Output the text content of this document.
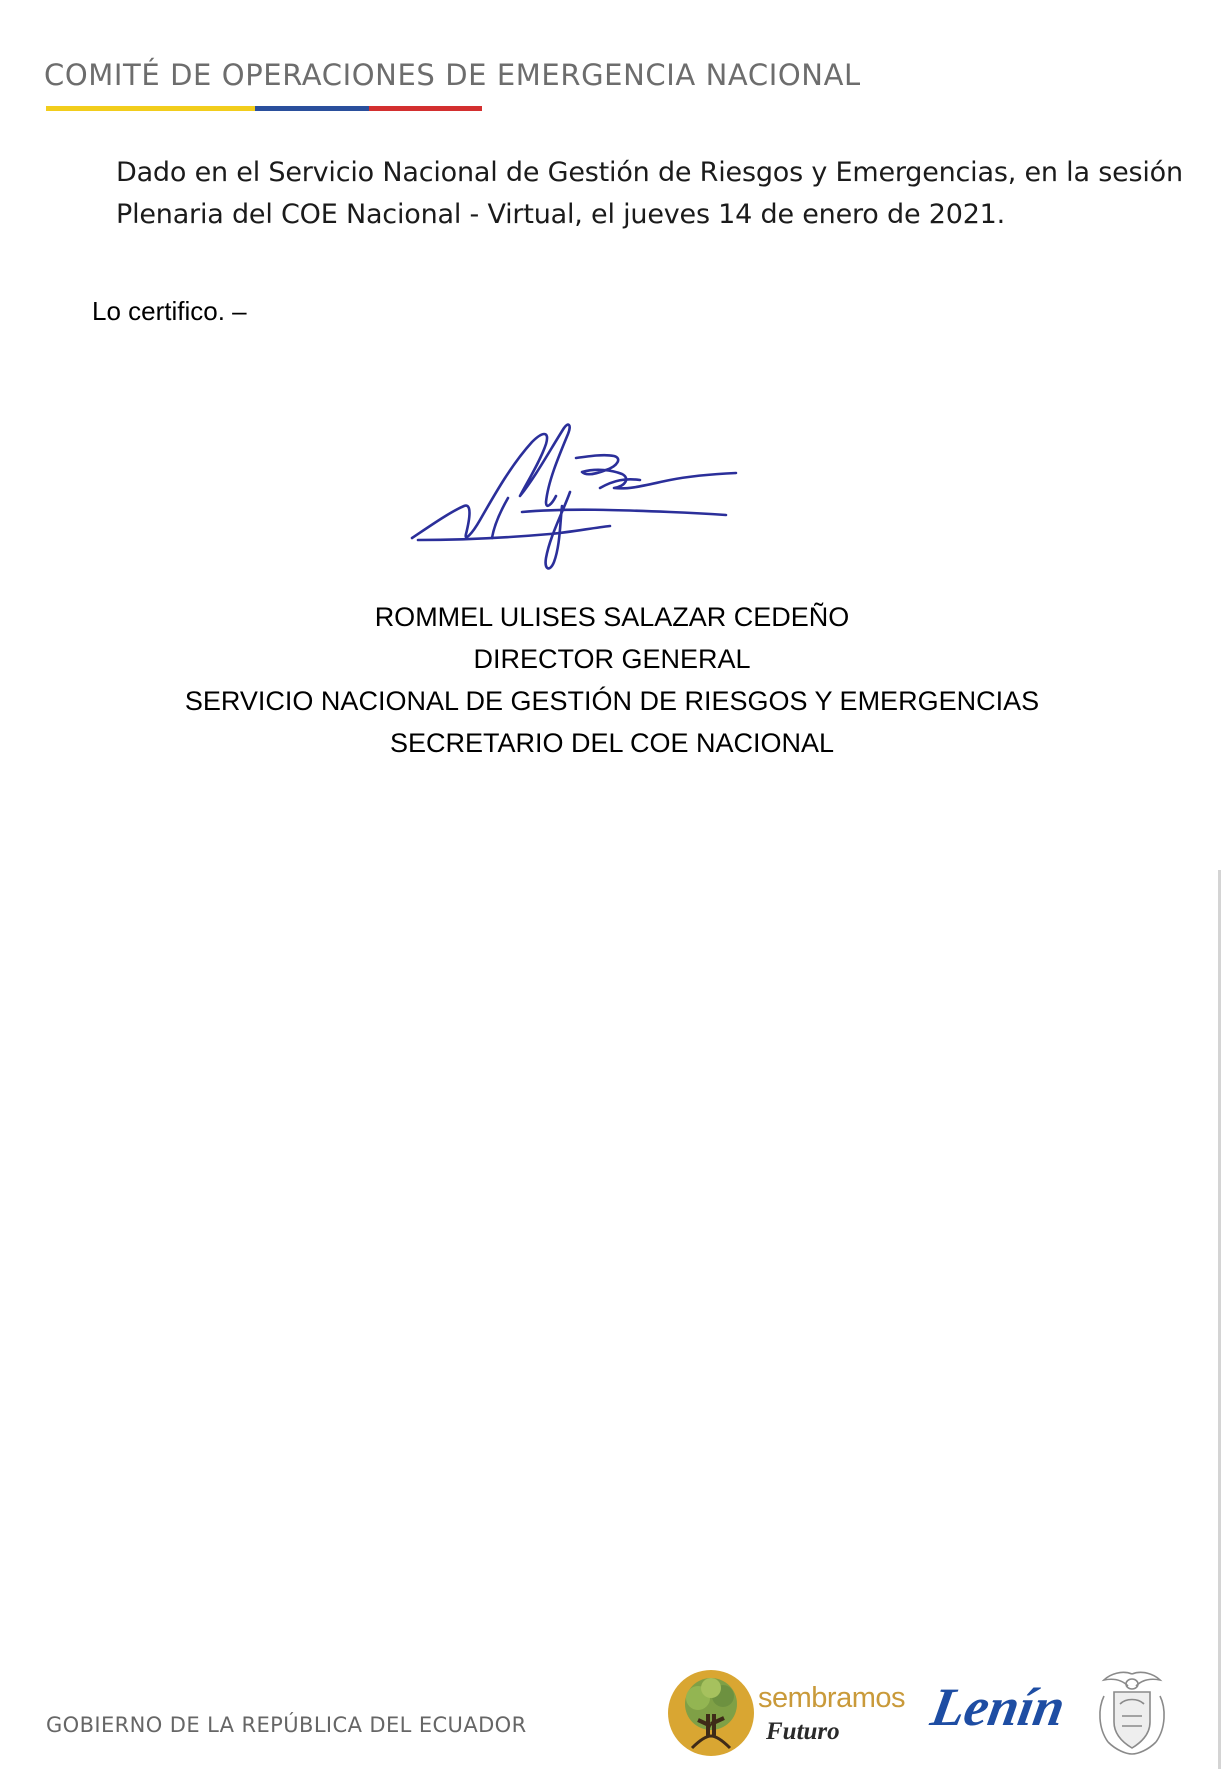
COMITÉ DE OPERACIONES DE EMERGENCIA NACIONAL
Dado en el Servicio Nacional de Gestión de Riesgos y Emergencias, en la sesión
Plenaria del COE Nacional - Virtual, el jueves 14 de enero de 2021.
Lo certifico. –
ROMMEL ULISES SALAZAR CEDEÑO
DIRECTOR GENERAL
SERVICIO NACIONAL DE GESTIÓN DE RIESGOS Y EMERGENCIAS
SECRETARIO DEL COE NACIONAL
GOBIERNO DE LA REPÚBLICA DEL ECUADOR
sembramos
Futuro Lenín
